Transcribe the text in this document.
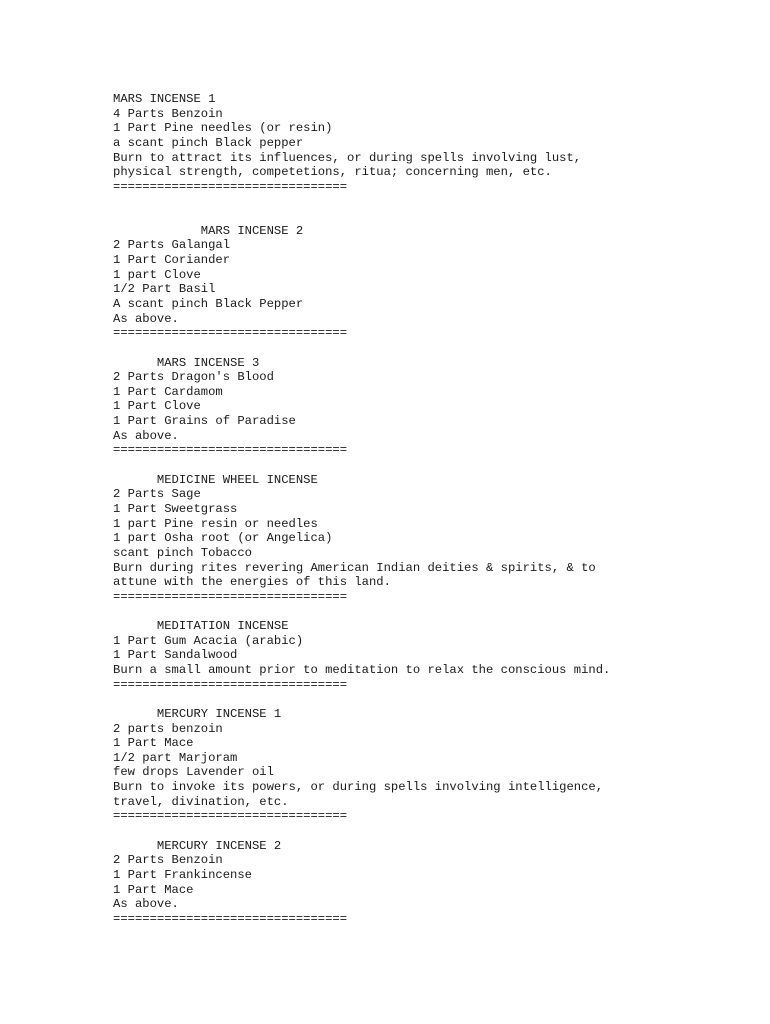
MARS INCENSE 1
4 Parts Benzoin
1 Part Pine needles (or resin)
a scant pinch Black pepper
Burn to attract its influences, or during spells involving lust,
physical strength, competetions, ritua; concerning men, etc.
================================
MARS INCENSE 2
2 Parts Galangal
1 Part Coriander
1 part Clove
1/2 Part Basil
A scant pinch Black Pepper
As above.
================================
MARS INCENSE 3
2 Parts Dragon's Blood
1 Part Cardamom
1 Part Clove
1 Part Grains of Paradise
As above.
================================
MEDICINE WHEEL INCENSE
2 Parts Sage
1 Part Sweetgrass
1 part Pine resin or needles
1 part Osha root (or Angelica)
scant pinch Tobacco
Burn during rites revering American Indian deities & spirits, & to
attune with the energies of this land.
================================
MEDITATION INCENSE
1 Part Gum Acacia (arabic)
1 Part Sandalwood
Burn a small amount prior to meditation to relax the conscious mind.
================================
MERCURY INCENSE 1
2 parts benzoin
1 Part Mace
1/2 part Marjoram
few drops Lavender oil
Burn to invoke its powers, or during spells involving intelligence,
travel, divination, etc.
================================
MERCURY INCENSE 2
2 Parts Benzoin
1 Part Frankincense
1 Part Mace
As above.
================================
